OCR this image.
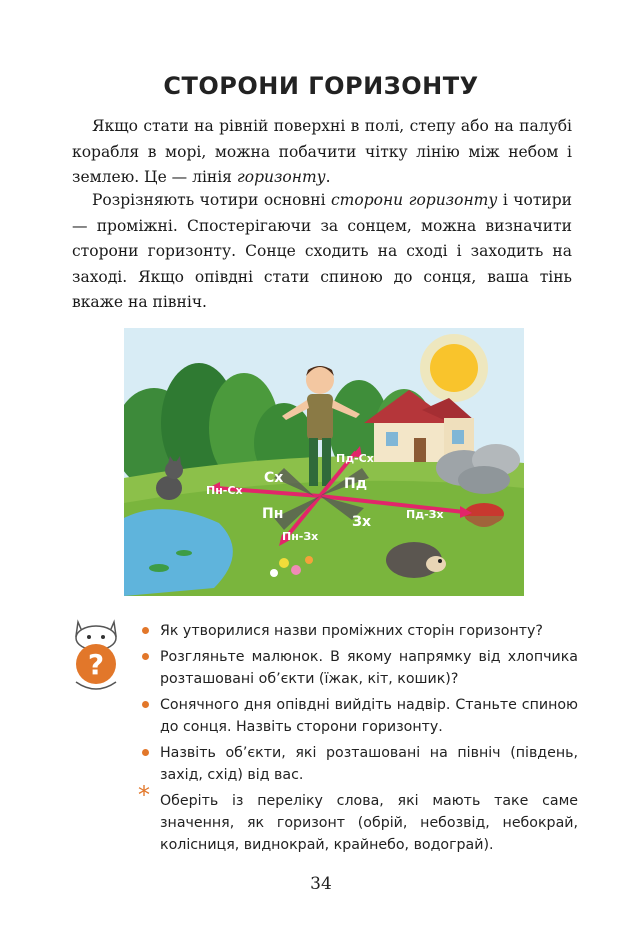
СТОРОНИ ГОРИЗОНТУ

Якщо стати на рівній поверхні в полі, степу або на палубі корабля в морі, можна побачити чітку лінію між небом і землею. Це — лінія горизонту.

Розрізняють чотири основні сторони горизонту і чотири — проміжні. Спостерігаючи за сонцем, можна визначити сторони горизонту. Сонце сходить на сході і заходить на заході. Якщо опівдні стати спиною до сонця, ваша тінь вкаже на північ.

Сх	Пд
Пн	Зх
Пн-Сх
Пд-Сх
Пд-Зх
Пн-Зх
?
Як утворилися назви проміжних сторін горизонту?
Розгляньте малюнок. В якому напрямку від хлопчика розташовані об’єкти (їжак, кіт, кошик)?
Сонячного дня опівдні вийдіть надвір. Станьте спиною до сонця. Назвіть сторони горизонту.
Назвіть об’єкти, які розташовані на північ (південь, захід, схід) від вас.
* Оберіть із переліку слова, які мають таке саме значення, як горизонт (обрій, небозвід, небокрай, колісниця, виднокрай, крайнебо, водограй).
34
